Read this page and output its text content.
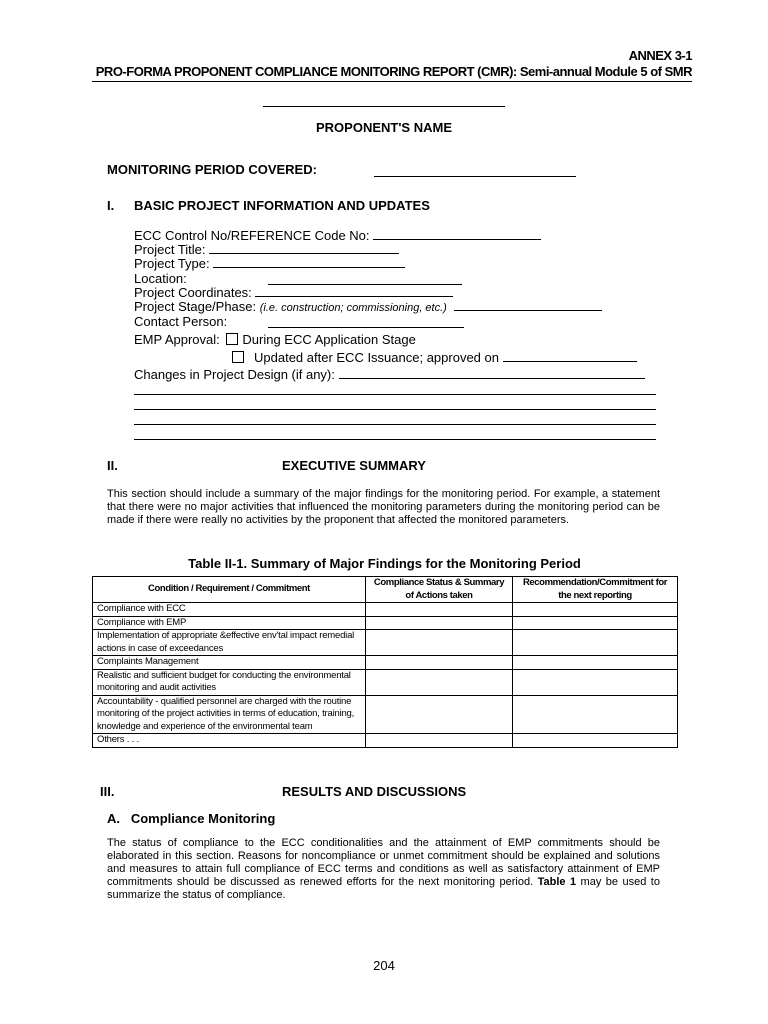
ANNEX 3-1
PRO-FORMA PROPONENT COMPLIANCE MONITORING REPORT (CMR): Semi-annual Module 5 of SMR
PROPONENT'S NAME
MONITORING PERIOD COVERED:
I. BASIC PROJECT INFORMATION AND UPDATES
ECC Control No/REFERENCE Code No:
Project Title:
Project Type:
Location:
Project Coordinates:
Project Stage/Phase: (i.e. construction; commissioning, etc.)
Contact Person:
EMP Approval: During ECC Application Stage
Updated after ECC Issuance; approved on
Changes in Project Design (if any):
II.	EXECUTIVE SUMMARY
This section should include a summary of the major findings for the monitoring period. For example, a statement that there were no major activities that influenced the monitoring parameters during the monitoring period can be made if there were really no activities by the proponent that affected the monitored parameters.
Table II-1. Summary of Major Findings for the Monitoring Period
Condition / Requirement / Commitment	Compliance Status & Summary of Actions taken	Recommendation/Commitment for the next reporting
Compliance with ECC		
Compliance with EMP		
Implementation of appropriate &effective env'tal impact remedial actions in case of exceedances		
Complaints Management		
Realistic and sufficient budget for conducting the environmental monitoring and audit activities		
Accountability - qualified personnel are charged with the routine monitoring of the project activities in terms of education, training, knowledge and experience of the environmental team		
Others . . .		
III.	RESULTS AND DISCUSSIONS
A.   Compliance Monitoring
The status of compliance to the ECC conditionalities and the attainment of EMP commitments should be elaborated in this section. Reasons for noncompliance or unmet commitment should be explained and solutions and measures to attain full compliance of ECC terms and conditions as well as satisfactory attainment of EMP commitments should be discussed as renewed efforts for the next monitoring period. Table 1 may be used to summarize the status of compliance.
204
